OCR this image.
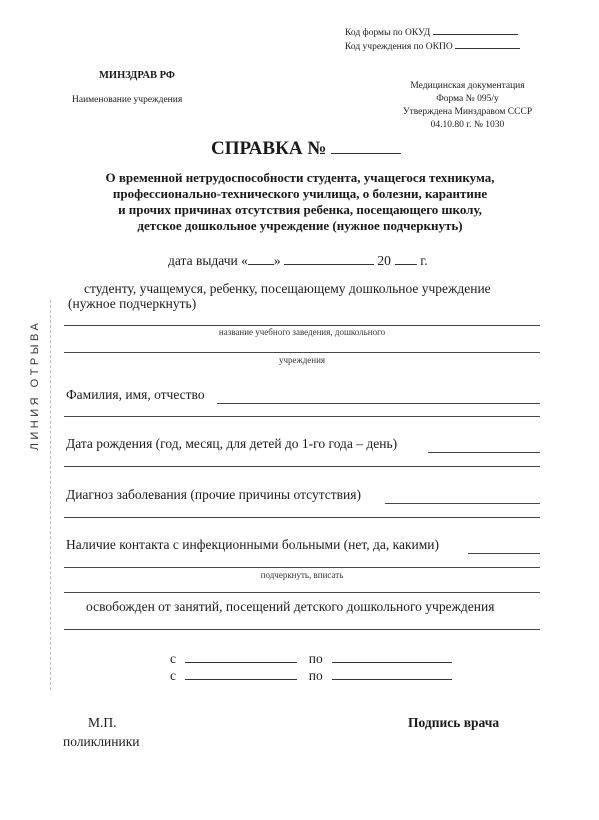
Код формы по ОКУД
Код учреждения по ОКПО
МИНЗДРАВ РФ
Наименование учреждения
Медицинская документация
Форма № 095/у
Утверждена Минздравом СССР
04.10.80 г. № 1030
СПРАВКА №
О временной нетрудоспособности студента, учащегося техникума,
профессионально-технического училища, о болезни, карантине
и прочих причинах отсутствия ребенка, посещающего школу,
детское дошкольное учреждение (нужное подчеркнуть)
дата выдачи « »	20 г.
студенту, учащемуся, ребенку, посещающему дошкольное учреждение
(нужное подчеркнуть)
название учебного заведения, дошкольного
учреждения
Фамилия, имя, отчество
Дата рождения (год, месяц, для детей до 1-го года – день)
Диагноз заболевания (прочие причины отсутствия)
Наличие контакта с инфекционными больными (нет, да, какими)
подчеркнуть, вписать
освобожден от занятий, посещений детского дошкольного учреждения
с	по
с	по
М.П.
поликлиники
Подпись врача
ЛИНИЯ ОТРЫВА
